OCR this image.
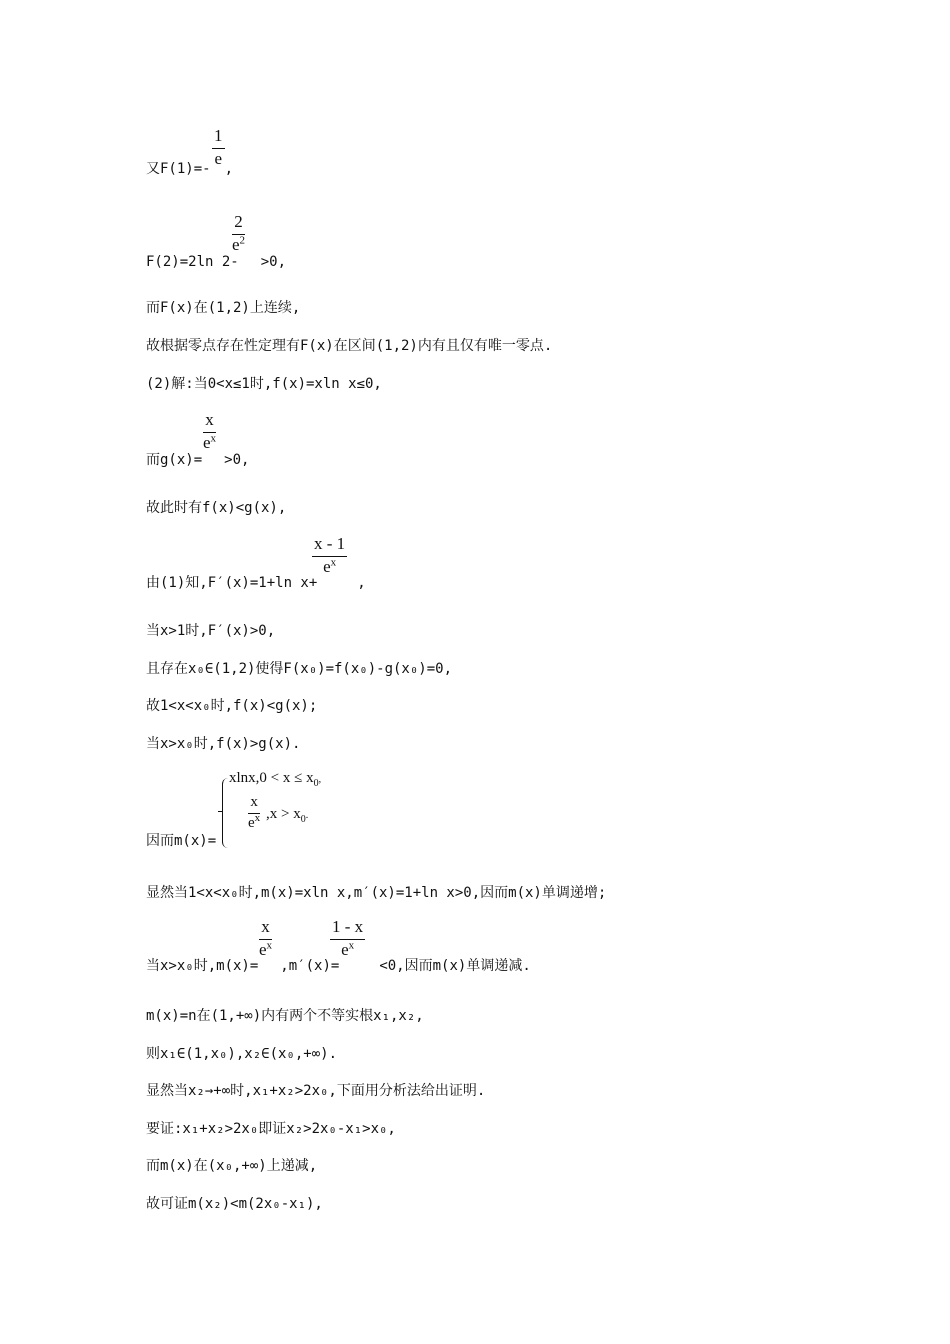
又F(1)=- ,
$\frac{1}{e}$
F(2)=2ln 2- >0,
$\frac{2}{e^2}$
而F(x)在(1,2)上连续,
故根据零点存在性定理有F(x)在区间(1,2)内有且仅有唯一零点.
(2)解:当0<x≤1时,f(x)=xln x≤0,
而g(x)= >0,
$\frac{x}{e^x}$
故此时有f(x)<g(x),
由(1)知,F′(x)=1+ln x+	,
$\frac{x - 1}{e^x}$
当x>1时,F′(x)>0,
且存在x₀∈(1,2)使得F(x₀)=f(x₀)-g(x₀)=0,
故1<x<x₀时,f(x)<g(x);
当x>x₀时,f(x)>g(x).
$xlnx,0 < x \le x_0$,
$\frac{x}{e^x} ,x > x_0$.
因而m(x)=
显然当1<x<x₀时,m(x)=xln x,m′(x)=1+ln x>0,因而m(x)单调递增;
当x>x₀时,m(x)= ,m′(x)=	<0,因而m(x)单调递减.
$\frac{x}{e^x}$	$\frac{1 - x}{e^x}$
m(x)=n在(1,+∞)内有两个不等实根x₁,x₂,
则x₁∈(1,x₀),x₂∈(x₀,+∞).
显然当x₂→+∞时,x₁+x₂>2x₀,下面用分析法给出证明.
要证:x₁+x₂>2x₀即证x₂>2x₀-x₁>x₀,
而m(x)在(x₀,+∞)上递减,
故可证m(x₂)<m(2x₀-x₁),
